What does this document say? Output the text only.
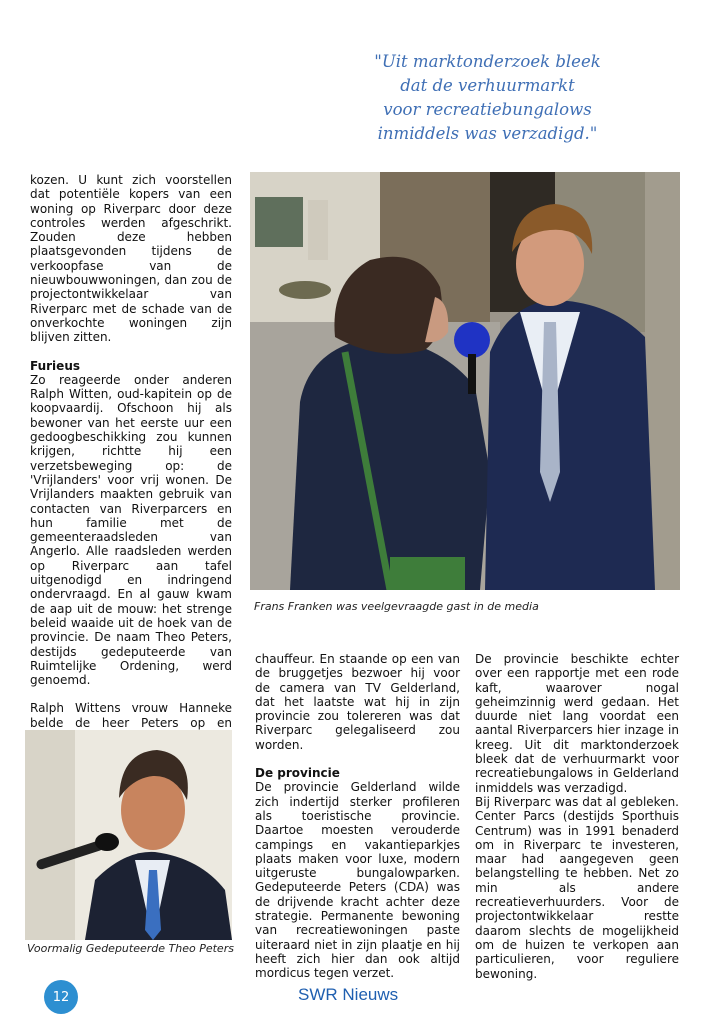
"Uit marktonderzoek bleek
dat de verhuurmarkt
voor recreatiebungalows
inmiddels was verzadigd."

kozen. U kunt zich voorstellen dat potentiële kopers van een woning op Riverparc door deze controles werden afgeschrikt. Zouden deze hebben plaatsgevonden tijdens de verkoopfase van de nieuwbouwwoningen, dan zou de projectontwikkelaar van Riverparc met de schade van de onverkochte woningen zijn blijven zitten.

Furieus

Zo reageerde onder anderen Ralph Witten, oud-kapitein op de koopvaardij. Ofschoon hij als bewoner van het eerste uur een gedoogbeschikking zou kunnen krijgen, richtte hij een verzetsbeweging op: de 'Vrijlanders' voor vrij wonen. De Vrijlanders maakten gebruik van contacten van Riverparcers en hun familie met de gemeenteraadsleden van Angerlo. Alle raadsleden werden op Riverparc aan tafel uitgenodigd en indringend ondervraagd. En al gauw kwam de aap uit de mouw: het strenge beleid waaide uit de hoek van de provincie. De naam Theo Peters, destijds gedeputeerde van Ruimtelijke Ordening, werd genoemd.

Ralph Wittens vrouw Hanneke belde de heer Peters op en

Frans Franken was veelgevraagde gast in de media

chauffeur. En staande op een van de bruggetjes bezwoer hij voor de camera van TV Gelderland, dat het laatste wat hij in zijn provincie zou tolereren was dat Riverparc gelegaliseerd zou worden.

De provincie

De provincie Gelderland wilde zich indertijd sterker profileren als toeristische provincie. Daartoe moesten verouderde campings en vakantieparkjes plaats maken voor luxe, modern uitgeruste bungalowparken. Gedeputeerde Peters (CDA) was de drijvende kracht achter deze strategie. Permanente bewoning van recreatiewoningen paste uiteraard niet in zijn plaatje en hij heeft zich hier dan ook altijd mordicus tegen verzet.

De provincie beschikte echter over een rapportje met een rode kaft, waarover nogal geheimzinnig werd gedaan. Het duurde niet lang voordat een aantal Riverparcers hier inzage in kreeg. Uit dit marktonderzoek bleek dat de verhuurmarkt voor recreatiebungalows in Gelderland inmiddels was verzadigd.

Bij Riverparc was dat al gebleken. Center Parcs (destijds Sporthuis Centrum) was in 1991 benaderd om in Riverparc te investeren, maar had aangegeven geen belangstelling te hebben. Net zo min als andere recreatieverhuurders. Voor de projectontwikkelaar restte daarom slechts de mogelijkheid om de huizen te verkopen aan particulieren, voor reguliere bewoning.

Voormalig Gedeputeerde Theo Peters
12	SWR Nieuws
